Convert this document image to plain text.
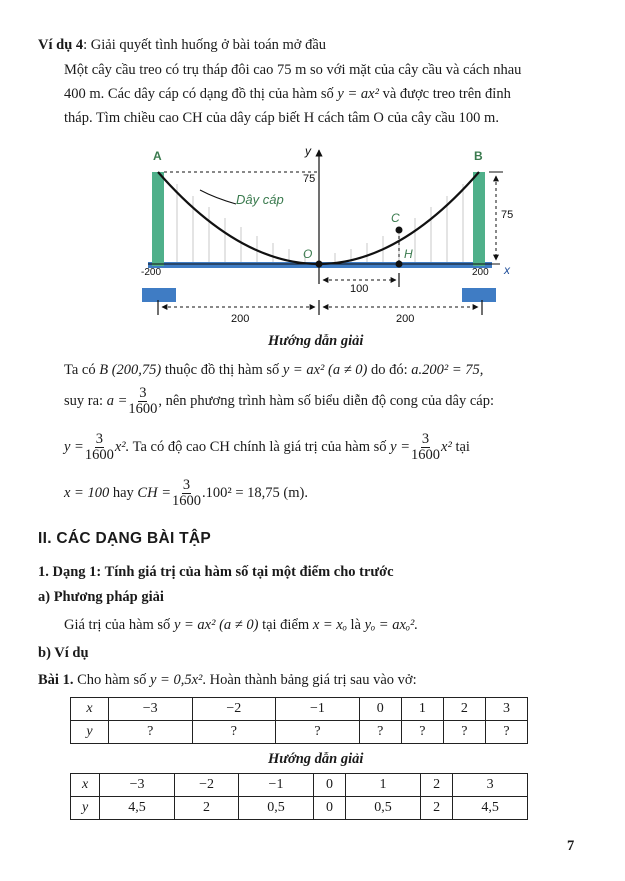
Ví dụ 4: Giải quyết tình huống ở bài toán mở đầu
Một cây cầu treo có trụ tháp đôi cao 75 m so với mặt của cây cầu và cách nhau
400 m. Các dây cáp có dạng đồ thị của hàm số y = ax² và được treo trên đỉnh
tháp. Tìm chiều cao CH của dây cáp biết H cách tâm O của cây cầu 100 m.
A	B
y
x
75
75
Dây cáp
C
O	H
-200	200
100
200	200
Hướng dẫn giải
Ta có B (200,75) thuộc đồ thị hàm số y = ax² (a ≠ 0) do đó: a.200² = 75,
suy ra: $a = \frac{3}{1600}$ , nên phương trình hàm số biểu diễn độ cong của dây cáp:
$y = \frac{3}{1600} x^2$. Ta có độ cao CH chính là giá trị của hàm số $y = \frac{3}{1600} x^2$ tại
x = 100 hay CH = $\frac{3}{1600} .100^2 = 18,75$ (m).
II. CÁC DẠNG BÀI TẬP
1. Dạng 1: Tính giá trị của hàm số tại một điểm cho trước
a) Phương pháp giải
Giá trị của hàm số y = ax² (a ≠ 0) tại điểm x = xₒ là yₒ = axₒ².
b) Ví dụ
Bài 1. Cho hàm số y = 0,5x². Hoàn thành bảng giá trị sau vào vở:
x	−3	−2	−1	0	1	2	3
y	?	?	?	?	?	?	?
Hướng dẫn giải
x	−3	−2	−1	0	1	2	3
y	4,5	2	0,5	0	0,5	2	4,5
7
